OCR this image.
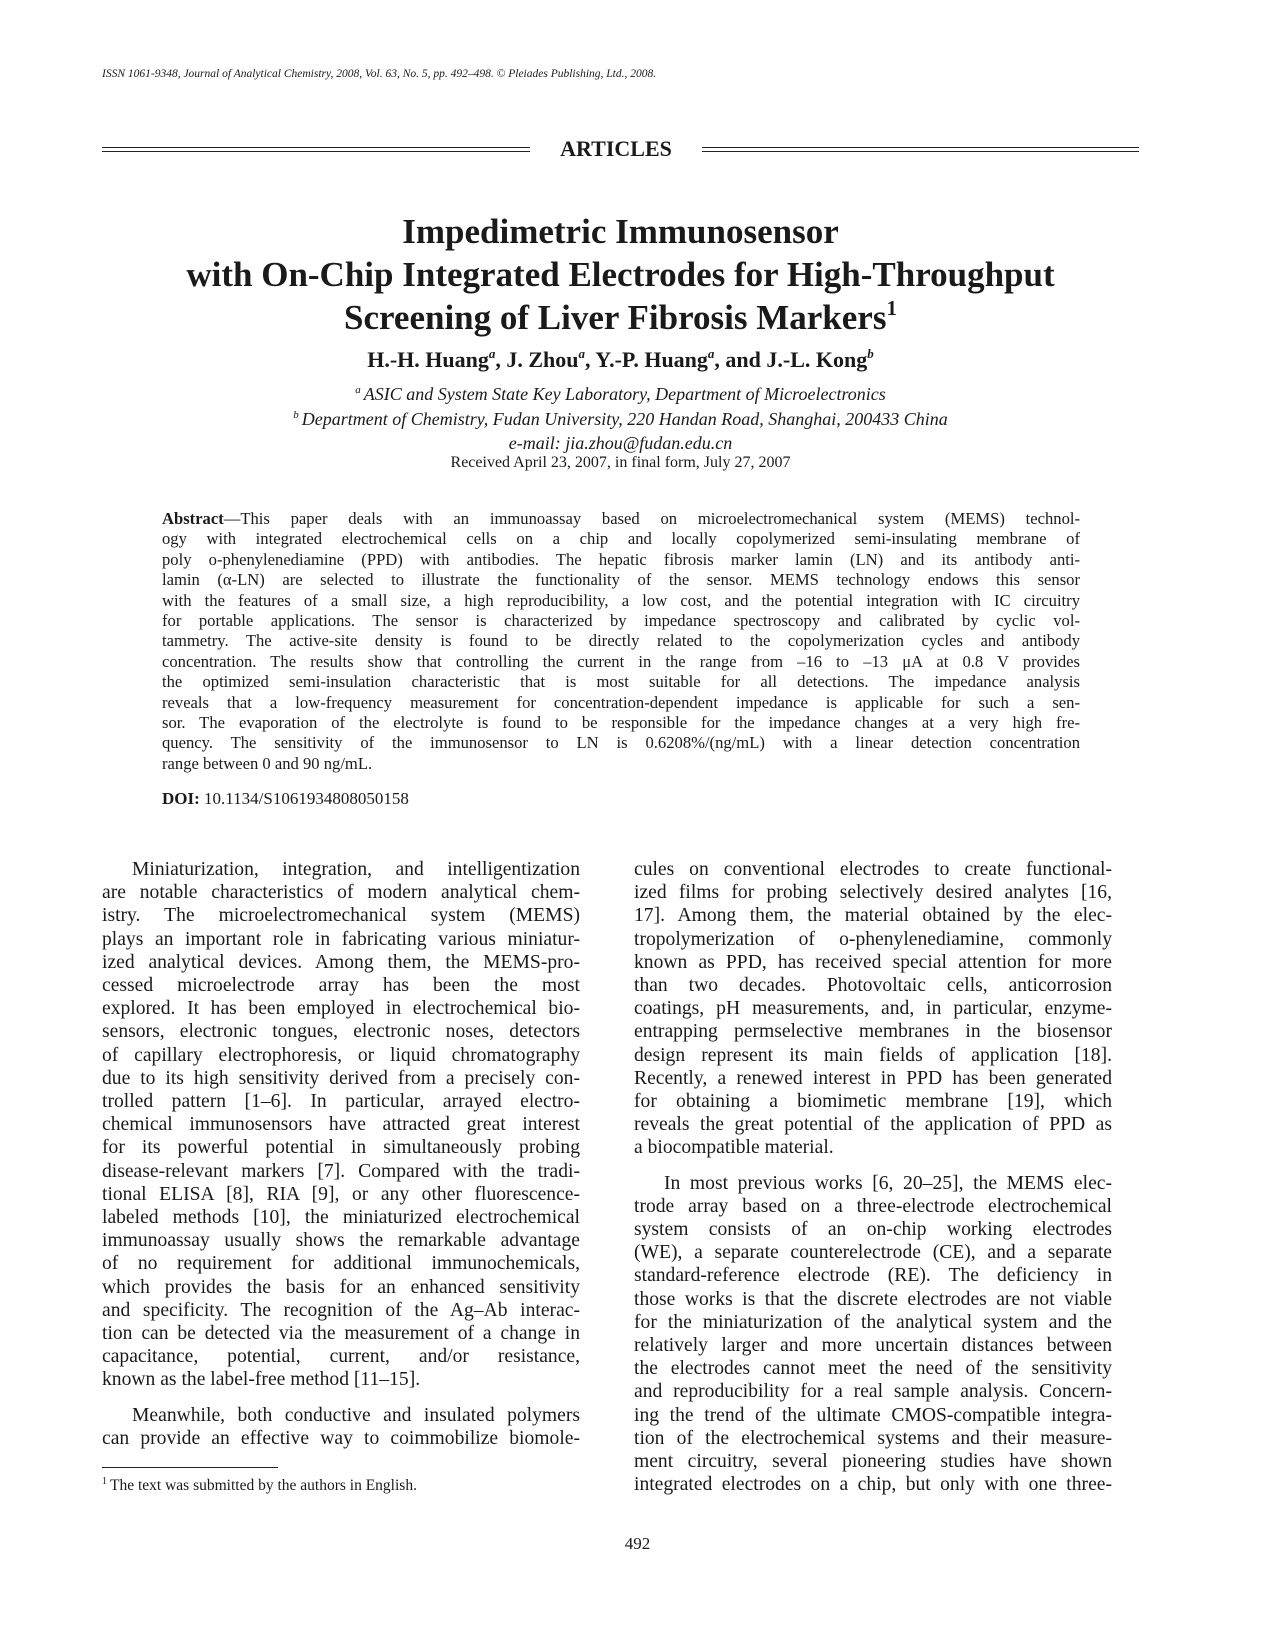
ISSN 1061-9348, Journal of Analytical Chemistry, 2008, Vol. 63, No. 5, pp. 492–498. © Pleiades Publishing, Ltd., 2008.
ARTICLES
Impedimetric Immunosensor
with On-Chip Integrated Electrodes for High-Throughput
Screening of Liver Fibrosis Markers$^1$
H.-H. Huang$^a$, J. Zhou$^a$, Y.-P. Huang$^a$, and J.-L. Kong$^b$
$^a$ ASIC and System State Key Laboratory, Department of Microelectronics
$^b$ Department of Chemistry, Fudan University, 220 Handan Road, Shanghai, 200433 China
e-mail: jia.zhou@fudan.edu.cn
Received April 23, 2007, in final form, July 27, 2007
Abstract—This paper deals with an immunoassay based on microelectromechanical system (MEMS) technol-
ogy with integrated electrochemical cells on a chip and locally copolymerized semi-insulating membrane of
poly o-phenylenediamine (PPD) with antibodies. The hepatic fibrosis marker lamin (LN) and its antibody anti-
lamin (α-LN) are selected to illustrate the functionality of the sensor. MEMS technology endows this sensor
with the features of a small size, a high reproducibility, a low cost, and the potential integration with IC circuitry
for portable applications. The sensor is characterized by impedance spectroscopy and calibrated by cyclic vol-
tammetry. The active-site density is found to be directly related to the copolymerization cycles and antibody
concentration. The results show that controlling the current in the range from –16 to –13 μA at 0.8 V provides
the optimized semi-insulation characteristic that is most suitable for all detections. The impedance analysis
reveals that a low-frequency measurement for concentration-dependent impedance is applicable for such a sen-
sor. The evaporation of the electrolyte is found to be responsible for the impedance changes at a very high fre-
quency. The sensitivity of the immunosensor to LN is 0.6208%/(ng/mL) with a linear detection concentration
range between 0 and 90 ng/mL.
DOI: 10.1134/S1061934808050158
Miniaturization, integration, and intelligentization
are notable characteristics of modern analytical chem-
istry. The microelectromechanical system (MEMS)
plays an important role in fabricating various miniatur-
ized analytical devices. Among them, the MEMS-pro-
cessed microelectrode array has been the most
explored. It has been employed in electrochemical bio-
sensors, electronic tongues, electronic noses, detectors
of capillary electrophoresis, or liquid chromatography
due to its high sensitivity derived from a precisely con-
trolled pattern [1–6]. In particular, arrayed electro-
chemical immunosensors have attracted great interest
for its powerful potential in simultaneously probing
disease-relevant markers [7]. Compared with the tradi-
tional ELISA [8], RIA [9], or any other fluorescence-
labeled methods [10], the miniaturized electrochemical
immunoassay usually shows the remarkable advantage
of no requirement for additional immunochemicals,
which provides the basis for an enhanced sensitivity
and specificity. The recognition of the Ag–Ab interac-
tion can be detected via the measurement of a change in
capacitance, potential, current, and/or resistance,
known as the label-free method [11–15].
Meanwhile, both conductive and insulated polymers
can provide an effective way to coimmobilize biomole-
cules on conventional electrodes to create functional-
ized films for probing selectively desired analytes [16,
17]. Among them, the material obtained by the elec-
tropolymerization of o-phenylenediamine, commonly
known as PPD, has received special attention for more
than two decades. Photovoltaic cells, anticorrosion
coatings, pH measurements, and, in particular, enzyme-
entrapping permselective membranes in the biosensor
design represent its main fields of application [18].
Recently, a renewed interest in PPD has been generated
for obtaining a biomimetic membrane [19], which
reveals the great potential of the application of PPD as
a biocompatible material.
In most previous works [6, 20–25], the MEMS elec-
trode array based on a three-electrode electrochemical
system consists of an on-chip working electrodes
(WE), a separate counterelectrode (CE), and a separate
standard-reference electrode (RE). The deficiency in
those works is that the discrete electrodes are not viable
for the miniaturization of the analytical system and the
relatively larger and more uncertain distances between
the electrodes cannot meet the need of the sensitivity
and reproducibility for a real sample analysis. Concern-
ing the trend of the ultimate CMOS-compatible integra-
tion of the electrochemical systems and their measure-
ment circuitry, several pioneering studies have shown
integrated electrodes on a chip, but only with one three-
$^1$ The text was submitted by the authors in English.
492
